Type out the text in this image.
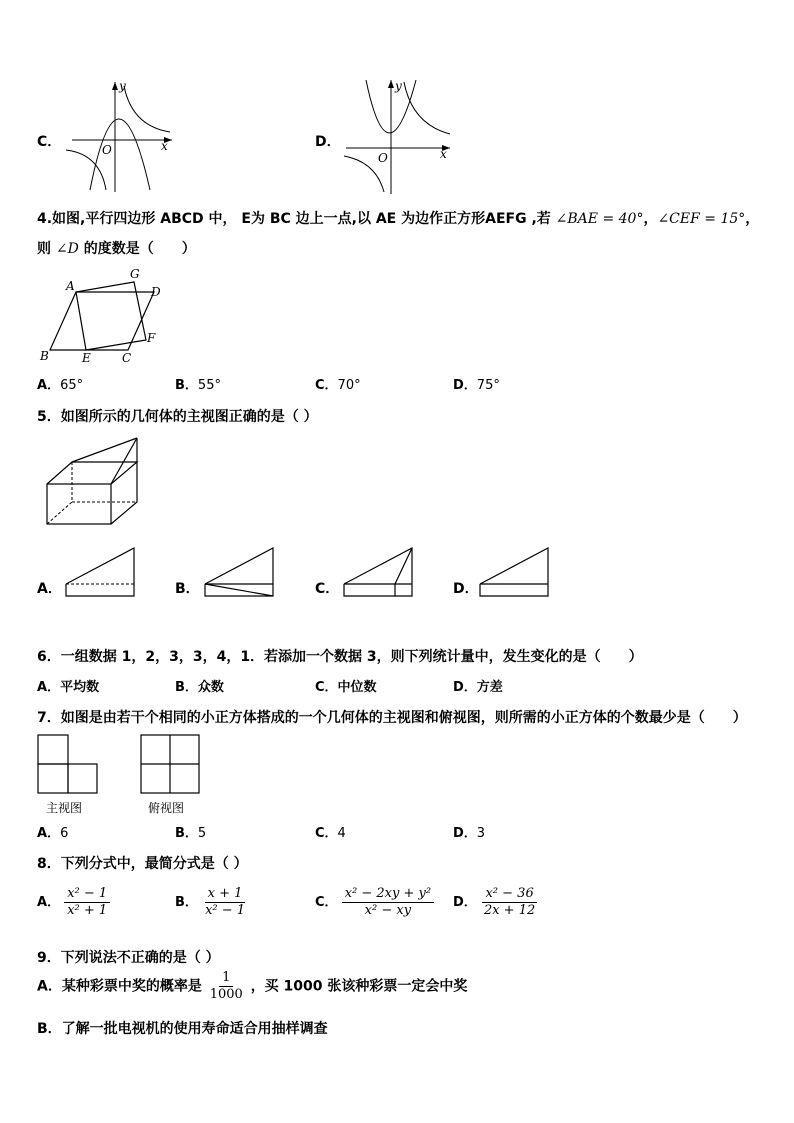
C．
y
x
O	D．
y
x
O
4.如图,平行四边形 ABCD 中， E为 BC 边上一点,以 AE 为边作正方形AEFG ,若 ∠BAE = 40°，∠CEF = 15°，
则 ∠D 的度数是（　　）
A
B	C
D
E
F
G
A．65°	B．55°	C．70°	D．75°
5．如图所示的几何体的主视图正确的是（ ）
A．	B．	C．	D．
6．一组数据 1，2，3，3，4，1．若添加一个数据 3，则下列统计量中，发生变化的是（　　）
A．平均数	B．众数	C．中位数	D．方差
7．如图是由若干个相同的小正方体搭成的一个几何体的主视图和俯视图，则所需的小正方体的个数最少是（　　）
主视图	俯视图
A．6	B．5	C．4	D．3
8．下列分式中，最简分式是（ ）
A． $\frac{\text{x² − 1}}{\text{x² + 1}}$	B． $\frac{x + 1}{\text{x² − 1}}$	C． $\frac{\text{x² − 2xy + y²}}{\text{x² − xy}}$ D． $\frac{\text{x² − 36}}{2x + 12}$
9．下列说法不正确的是（ ）
A．某种彩票中奖的概率是 $\frac{1}{1000}$ ，买 1000 张该种彩票一定会中奖
B．了解一批电视机的使用寿命适合用抽样调查
